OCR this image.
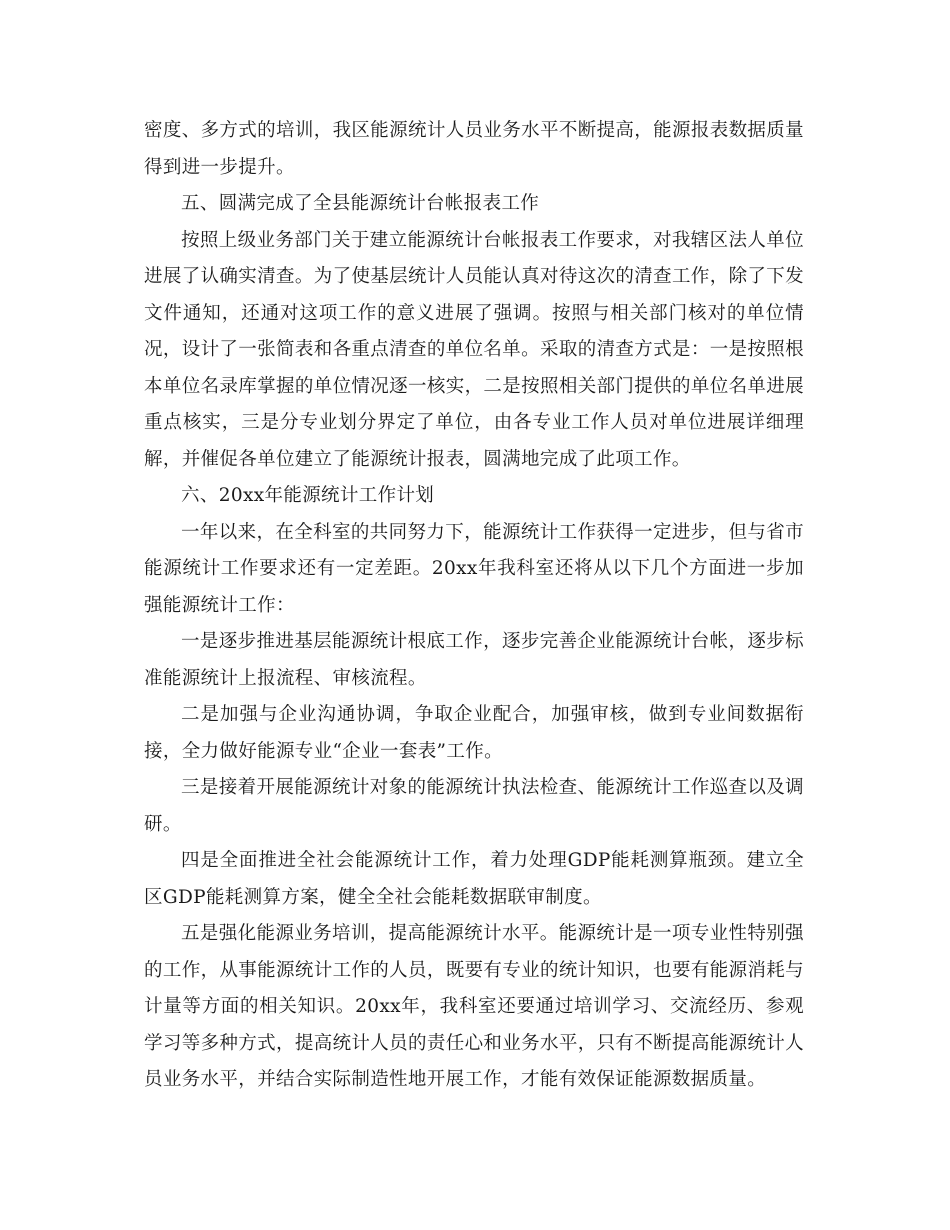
密度、多方式的培训，我区能源统计人员业务水平不断提高，能源报表数据质量得到进一步提升。

五、圆满完成了全县能源统计台帐报表工作

按照上级业务部门关于建立能源统计台帐报表工作要求，对我辖区法人单位进展了认确实清查。为了使基层统计人员能认真对待这次的清查工作，除了下发文件通知，还通对这项工作的意义进展了强调。按照与相关部门核对的单位情况，设计了一张简表和各重点清查的单位名单。采取的清查方式是：一是按照根本单位名录库掌握的单位情况逐一核实，二是按照相关部门提供的单位名单进展重点核实，三是分专业划分界定了单位，由各专业工作人员对单位进展详细理解，并催促各单位建立了能源统计报表，圆满地完成了此项工作。

六、20xx年能源统计工作计划

一年以来，在全科室的共同努力下，能源统计工作获得一定进步，但与省市能源统计工作要求还有一定差距。20xx年我科室还将从以下几个方面进一步加强能源统计工作：

一是逐步推进基层能源统计根底工作，逐步完善企业能源统计台帐，逐步标准能源统计上报流程、审核流程。

二是加强与企业沟通协调，争取企业配合，加强审核，做到专业间数据衔接，全力做好能源专业“企业一套表”工作。

三是接着开展能源统计对象的能源统计执法检查、能源统计工作巡查以及调研。

四是全面推进全社会能源统计工作，着力处理GDP能耗测算瓶颈。建立全区GDP能耗测算方案，健全全社会能耗数据联审制度。

五是强化能源业务培训，提高能源统计水平。能源统计是一项专业性特别强的工作，从事能源统计工作的人员，既要有专业的统计知识，也要有能源消耗与计量等方面的相关知识。20xx年，我科室还要通过培训学习、交流经历、参观学习等多种方式，提高统计人员的责任心和业务水平，只有不断提高能源统计人员业务水平，并结合实际制造性地开展工作，才能有效保证能源数据质量。
